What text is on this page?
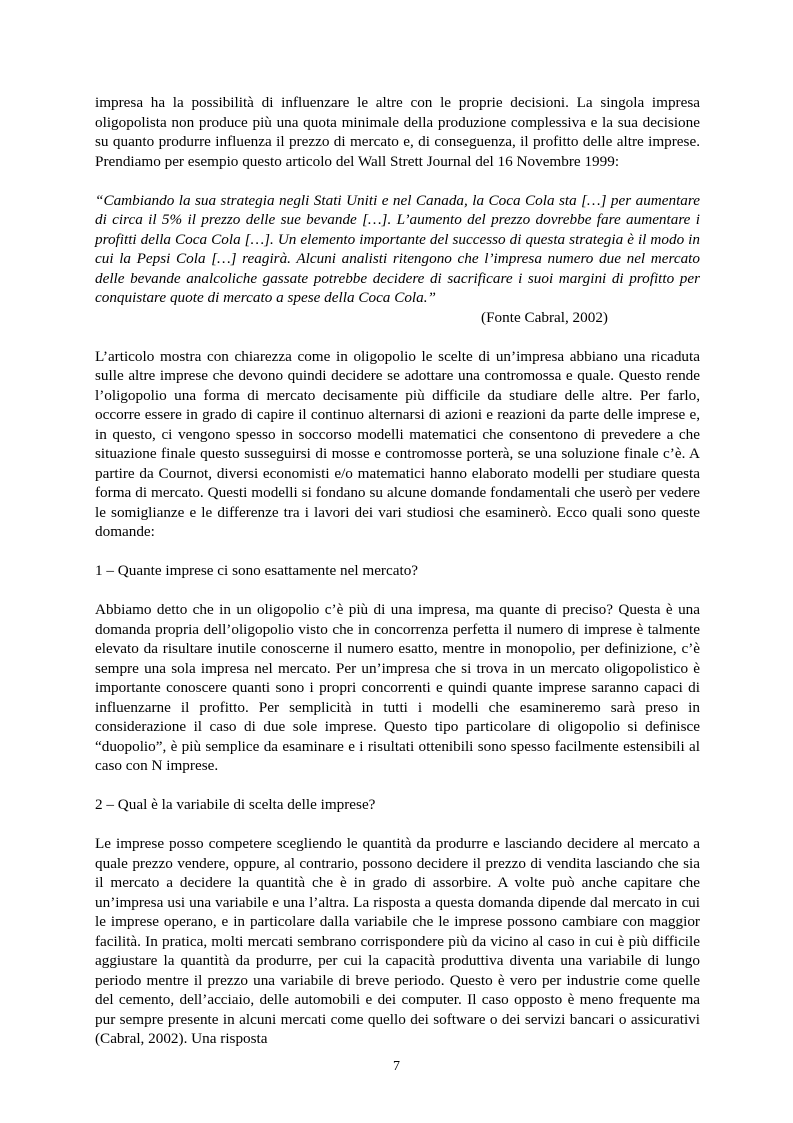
impresa ha la possibilità di influenzare le altre con le proprie decisioni. La singola impresa oligopolista non produce più una quota minimale della produzione complessiva e la sua decisione su quanto produrre influenza il prezzo di mercato e, di conseguenza, il profitto delle altre imprese. Prendiamo per esempio questo articolo del Wall Strett Journal del 16 Novembre 1999:

“Cambiando la sua strategia negli Stati Uniti e nel Canada, la Coca Cola sta […] per aumentare di circa il 5% il prezzo delle sue bevande […]. L’aumento del prezzo dovrebbe fare aumentare i profitti della Coca Cola […]. Un elemento importante del successo di questa strategia è il modo in cui la Pepsi Cola […] reagirà. Alcuni analisti ritengono che l’impresa numero due nel mercato delle bevande analcoliche gassate potrebbe decidere di sacrificare i suoi margini di profitto per conquistare quote di mercato a spese della Coca Cola.”

(Fonte Cabral, 2002)

L’articolo mostra con chiarezza come in oligopolio le scelte di un’impresa abbiano una ricaduta sulle altre imprese che devono quindi decidere se adottare una contromossa e quale. Questo rende l’oligopolio una forma di mercato decisamente più difficile da studiare delle altre. Per farlo, occorre essere in grado di capire il continuo alternarsi di azioni e reazioni da parte delle imprese e, in questo, ci vengono spesso in soccorso modelli matematici che consentono di prevedere a che situazione finale questo susseguirsi di mosse e contromosse porterà, se una soluzione finale c’è. A partire da Cournot, diversi economisti e/o matematici hanno elaborato modelli per studiare questa forma di mercato. Questi modelli si fondano su alcune domande fondamentali che userò per vedere le somiglianze e le differenze tra i lavori dei vari studiosi che esaminerò. Ecco quali sono queste domande:

1 – Quante imprese ci sono esattamente nel mercato?

Abbiamo detto che in un oligopolio c’è più di una impresa, ma quante di preciso? Questa è una domanda propria dell’oligopolio visto che in concorrenza perfetta il numero di imprese è talmente elevato da risultare inutile conoscerne il numero esatto, mentre in monopolio, per definizione, c’è sempre una sola impresa nel mercato. Per un’impresa che si trova in un mercato oligopolistico è importante conoscere quanti sono i propri concorrenti e quindi quante imprese saranno capaci di influenzarne il profitto. Per semplicità in tutti i modelli che esamineremo sarà preso in considerazione il caso di due sole imprese. Questo tipo particolare di oligopolio si definisce “duopolio”, è più semplice da esaminare e i risultati ottenibili sono spesso facilmente estensibili al caso con N imprese.

2 – Qual è la variabile di scelta delle imprese?

Le imprese posso competere scegliendo le quantità da produrre e lasciando decidere al mercato a quale prezzo vendere, oppure, al contrario, possono decidere il prezzo di vendita lasciando che sia il mercato a decidere la quantità che è in grado di assorbire. A volte può anche capitare che un’impresa usi una variabile e una l’altra. La risposta a questa domanda dipende dal mercato in cui le imprese operano, e in particolare dalla variabile che le imprese possono cambiare con maggior facilità. In pratica, molti mercati sembrano corrispondere più da vicino al caso in cui è più difficile aggiustare la quantità da produrre, per cui la capacità produttiva diventa una variabile di lungo periodo mentre il prezzo una variabile di breve periodo. Questo è vero per industrie come quelle del cemento, dell’acciaio, delle automobili e dei computer. Il caso opposto è meno frequente ma pur sempre presente in alcuni mercati come quello dei software o dei servizi bancari o assicurativi (Cabral, 2002). Una risposta

7
